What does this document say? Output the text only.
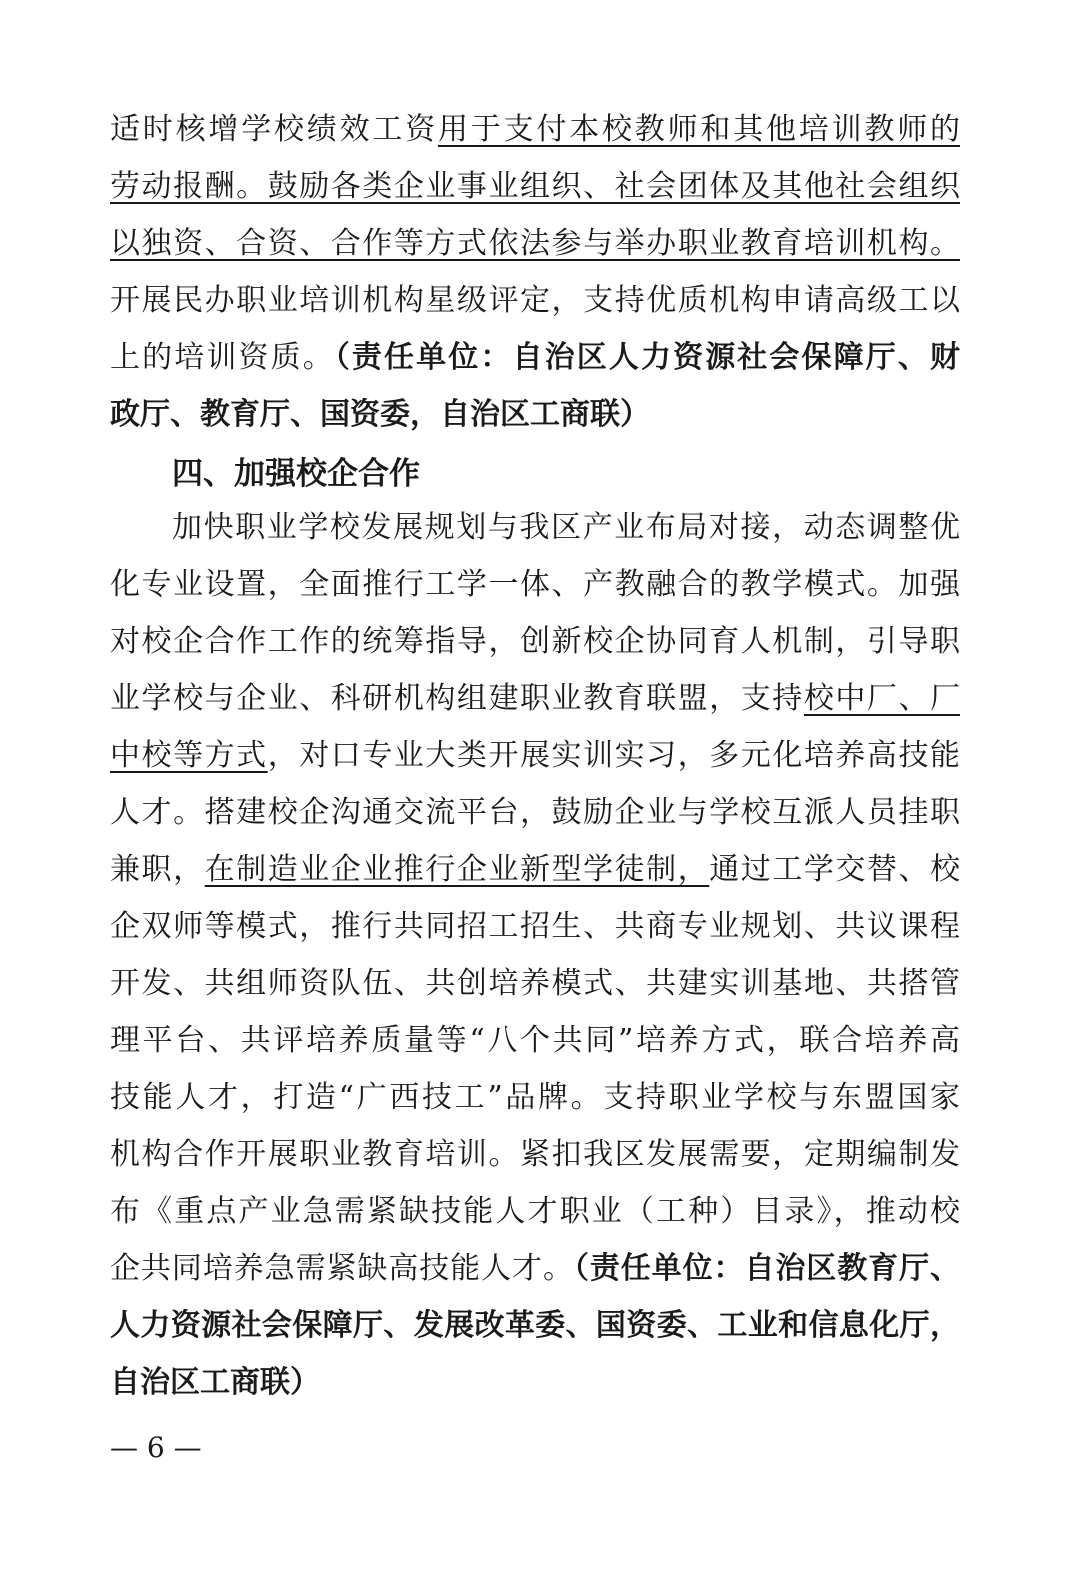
适时核增学校绩效工资用于支付本校教师和其他培训教师的
劳动报酬。鼓励各类企业事业组织、社会团体及其他社会组织
以独资、合资、合作等方式依法参与举办职业教育培训机构。
开展民办职业培训机构星级评定，支持优质机构申请高级工以
上的培训资质。（责任单位：自治区人力资源社会保障厅、财
政厅、教育厅、国资委，自治区工商联）
四、加强校企合作
加快职业学校发展规划与我区产业布局对接，动态调整优
化专业设置，全面推行工学一体、产教融合的教学模式。加强
对校企合作工作的统筹指导，创新校企协同育人机制，引导职
业学校与企业、科研机构组建职业教育联盟，支持校中厂、厂
中校等方式，对口专业大类开展实训实习，多元化培养高技能
人才。搭建校企沟通交流平台，鼓励企业与学校互派人员挂职
兼职，在制造业企业推行企业新型学徒制，通过工学交替、校
企双师等模式，推行共同招工招生、共商专业规划、共议课程
开发、共组师资队伍、共创培养模式、共建实训基地、共搭管
理平台、共评培养质量等“八个共同”培养方式，联合培养高
技能人才，打造“广西技工”品牌。支持职业学校与东盟国家
机构合作开展职业教育培训。紧扣我区发展需要，定期编制发
布《重点产业急需紧缺技能人才职业（工种）目录》，推动校
企共同培养急需紧缺高技能人才。（责任单位：自治区教育厅、
人力资源社会保障厅、发展改革委、国资委、工业和信息化厅，
自治区工商联）
— 6 —
